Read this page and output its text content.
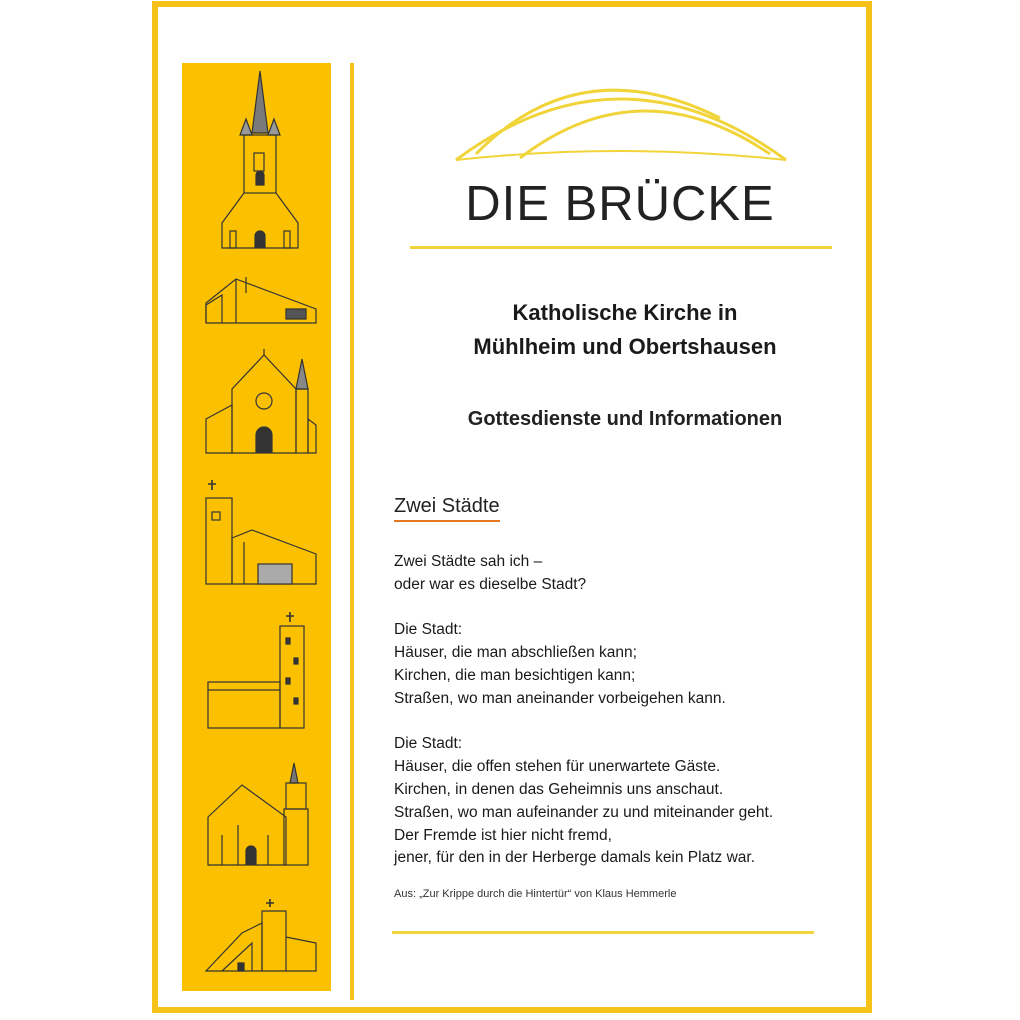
DIE BRÜCKE
Katholische Kirche in
Mühlheim und Obertshausen
Gottesdienste und Informationen
Zwei Städte
Zwei Städte sah ich –
oder war es dieselbe Stadt?
Die Stadt:
Häuser, die man abschließen kann;
Kirchen, die man besichtigen kann;
Straßen, wo man aneinander vorbeigehen kann.
Die Stadt:
Häuser, die offen stehen für unerwartete Gäste.
Kirchen, in denen das Geheimnis uns anschaut.
Straßen, wo man aufeinander zu und miteinander geht.
Der Fremde ist hier nicht fremd,
jener, für den in der Herberge damals kein Platz war.
Aus: „Zur Krippe durch die Hintertür“ von Klaus Hemmerle
